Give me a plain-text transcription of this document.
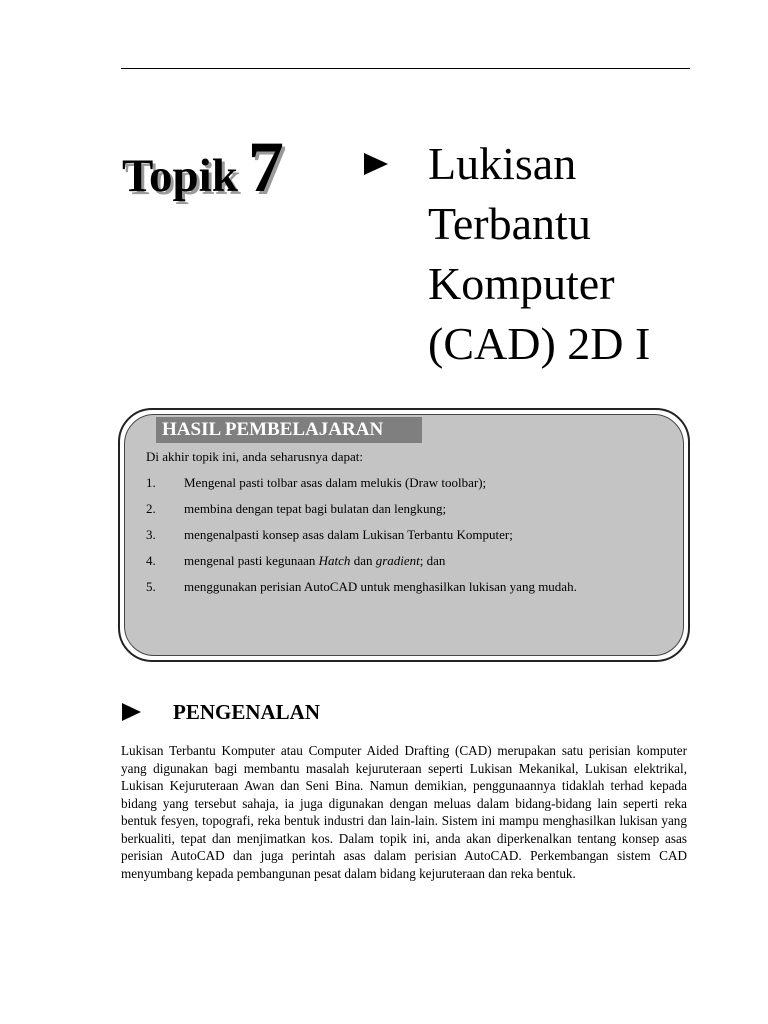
Topik 7	Lukisan
Terbantu
Komputer
(CAD) 2D I
HASIL PEMBELAJARAN
Di akhir topik ini, anda seharusnya dapat:
1. Mengenal pasti tolbar asas dalam melukis (Draw toolbar);
2. membina dengan tepat bagi bulatan dan lengkung;
3. mengenalpasti konsep asas dalam Lukisan Terbantu Komputer;
4. mengenal pasti kegunaan Hatch dan gradient; dan
5. menggunakan perisian AutoCAD untuk menghasilkan lukisan yang mudah.
PENGENALAN

Lukisan Terbantu Komputer atau Computer Aided Drafting (CAD) merupakan satu perisian komputer yang digunakan bagi membantu masalah kejuruteraan seperti Lukisan Mekanikal, Lukisan elektrikal, Lukisan Kejuruteraan Awan dan Seni Bina. Namun demikian, penggunaannya tidaklah terhad kepada bidang yang tersebut sahaja, ia juga digunakan dengan meluas dalam bidang-bidang lain seperti reka bentuk fesyen, topografi, reka bentuk industri dan lain-lain. Sistem ini mampu menghasilkan lukisan yang berkualiti, tepat dan menjimatkan kos. Dalam topik ini, anda akan diperkenalkan tentang konsep asas perisian AutoCAD dan juga perintah asas dalam perisian AutoCAD. Perkembangan sistem CAD menyumbang kepada pembangunan pesat dalam bidang kejuruteraan dan reka bentuk.
